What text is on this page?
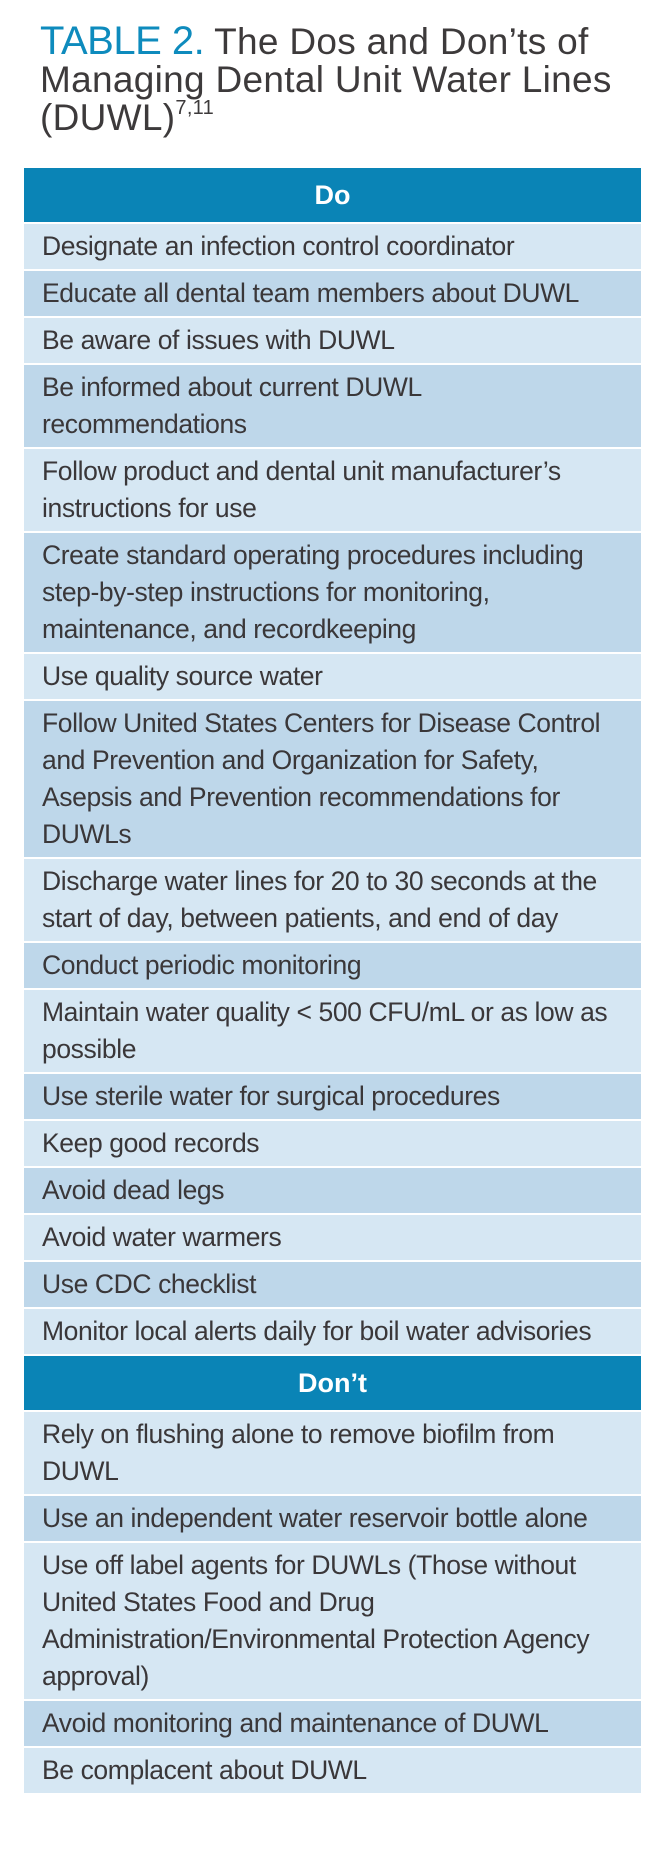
TABLE 2. The Dos and Don’ts of Managing Dental Unit Water Lines (DUWL)$^{7,11}$
Do
Designate an infection control coordinator
Educate all dental team members about DUWL
Be aware of issues with DUWL
Be informed about current DUWL recommendations
Follow product and dental unit manufacturer’s instructions for use
Create standard operating procedures including step-by-step instructions for monitoring, maintenance, and recordkeeping
Use quality source water
Follow United States Centers for Disease Control and Prevention and Organization for Safety, Asepsis and Prevention recommendations for DUWLs
Discharge water lines for 20 to 30 seconds at the start of day, between patients, and end of day
Conduct periodic monitoring
Maintain water quality < 500 CFU/mL or as low as possible
Use sterile water for surgical procedures
Keep good records
Avoid dead legs
Avoid water warmers
Use CDC checklist
Monitor local alerts daily for boil water advisories
Don’t
Rely on flushing alone to remove biofilm from DUWL
Use an independent water reservoir bottle alone
Use off label agents for DUWLs (Those without United States Food and Drug Administration/Environmental Protection Agency approval)
Avoid monitoring and maintenance of DUWL
Be complacent about DUWL
